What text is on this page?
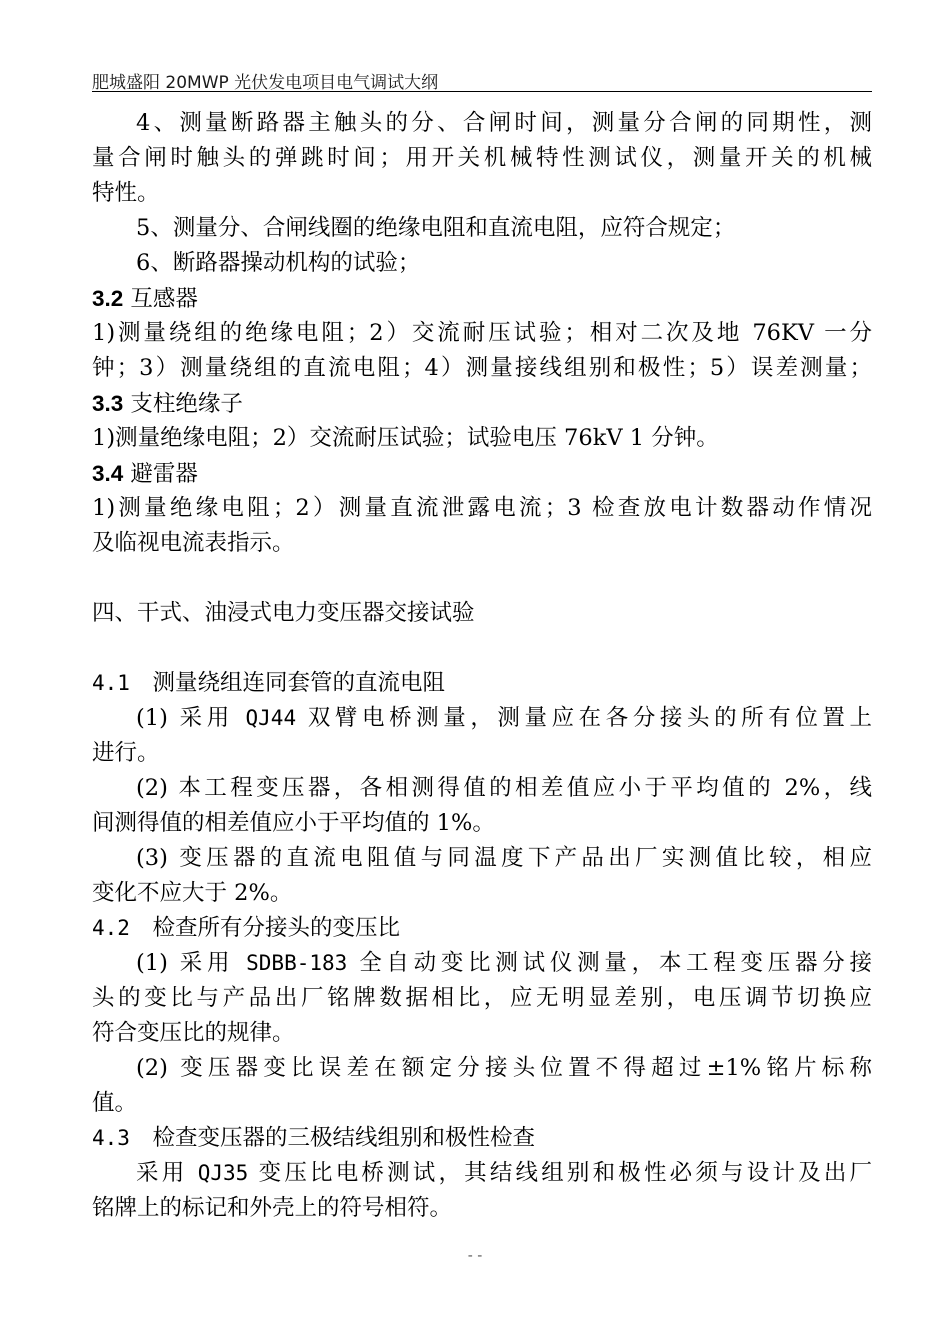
肥城盛阳 20MWP 光伏发电项目电气调试大纲
4、测量断路器主触头的分、合闸时间，测量分合闸的同期性，测
量合闸时触头的弹跳时间；用开关机械特性测试仪，测量开关的机械
特性。
5、测量分、合闸线圈的绝缘电阻和直流电阻，应符合规定；
6、断路器操动机构的试验；
3.2 互感器
1)测量绕组的绝缘电阻；2）交流耐压试验；相对二次及地 76KV 一分
钟；3）测量绕组的直流电阻；4）测量接线组别和极性；5）误差测量；
3.3 支柱绝缘子
1)测量绝缘电阻；2）交流耐压试验；试验电压 76kV 1 分钟。
3.4 避雷器
1)测量绝缘电阻；2）测量直流泄露电流；3 检查放电计数器动作情况
及临视电流表指示。
四、干式、油浸式电力变压器交接试验
4.1　测量绕组连同套管的直流电阻
(1) 采用 QJ44 双臂电桥测量，测量应在各分接头的所有位置上
进行。
(2) 本工程变压器，各相测得值的相差值应小于平均值的 2%，线
间测得值的相差值应小于平均值的 1%。
(3) 变压器的直流电阻值与同温度下产品出厂实测值比较，相应
变化不应大于 2%。
4.2　检查所有分接头的变压比
(1) 采用 SDBB-183 全自动变比测试仪测量，本工程变压器分接
头的变比与产品出厂铭牌数据相比，应无明显差别，电压调节切换应
符合变压比的规律。
(2) 变压器变比误差在额定分接头位置不得超过±1%铭片标称
值。
4.3　检查变压器的三极结线组别和极性检查
采用 QJ35 变压比电桥测试，其结线组别和极性必须与设计及出厂
铭牌上的标记和外壳上的符号相符。
- -
